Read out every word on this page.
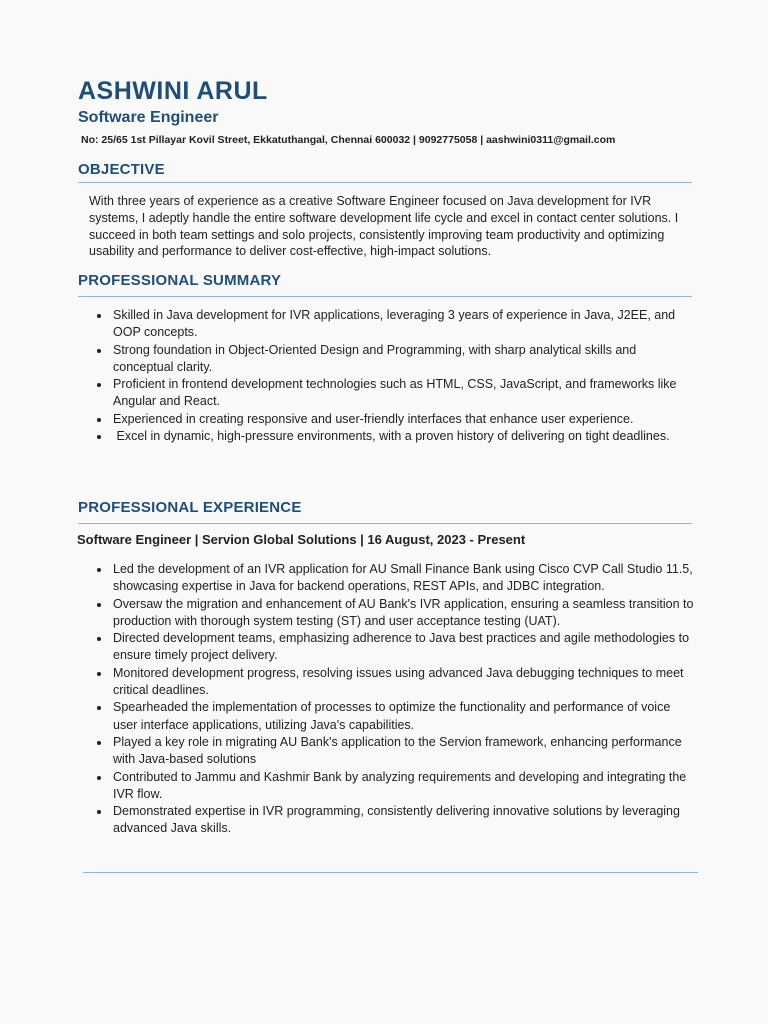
ASHWINI ARUL
Software Engineer

No: 25/65 1st Pillayar Kovil Street, Ekkatuthangal, Chennai 600032 | 9092775058 | aashwini0311@gmail.com

OBJECTIVE

With three years of experience as a creative Software Engineer focused on Java development for IVR systems, I adeptly handle the entire software development life cycle and excel in contact center solutions. I succeed in both team settings and solo projects, consistently improving team productivity and optimizing usability and performance to deliver cost-effective, high-impact solutions.

PROFESSIONAL SUMMARY
Skilled in Java development for IVR applications, leveraging 3 years of experience in Java, J2EE, and OOP concepts.
Strong foundation in Object-Oriented Design and Programming, with sharp analytical skills and conceptual clarity.
Proficient in frontend development technologies such as HTML, CSS, JavaScript, and frameworks like Angular and React.
Experienced in creating responsive and user-friendly interfaces that enhance user experience.
Excel in dynamic, high-pressure environments, with a proven history of delivering on tight deadlines.
PROFESSIONAL EXPERIENCE

Software Engineer | Servion Global Solutions | 16 August, 2023 - Present

Led the development of an IVR application for AU Small Finance Bank using Cisco CVP Call Studio 11.5, showcasing expertise in Java for backend operations, REST APIs, and JDBC integration.
Oversaw the migration and enhancement of AU Bank's IVR application, ensuring a seamless transition to production with thorough system testing (ST) and user acceptance testing (UAT).
Directed development teams, emphasizing adherence to Java best practices and agile methodologies to ensure timely project delivery.
Monitored development progress, resolving issues using advanced Java debugging techniques to meet critical deadlines.
Spearheaded the implementation of processes to optimize the functionality and performance of voice user interface applications, utilizing Java's capabilities.
Played a key role in migrating AU Bank's application to the Servion framework, enhancing performance with Java-based solutions
Contributed to Jammu and Kashmir Bank by analyzing requirements and developing and integrating the IVR flow.
Demonstrated expertise in IVR programming, consistently delivering innovative solutions by leveraging advanced Java skills.
